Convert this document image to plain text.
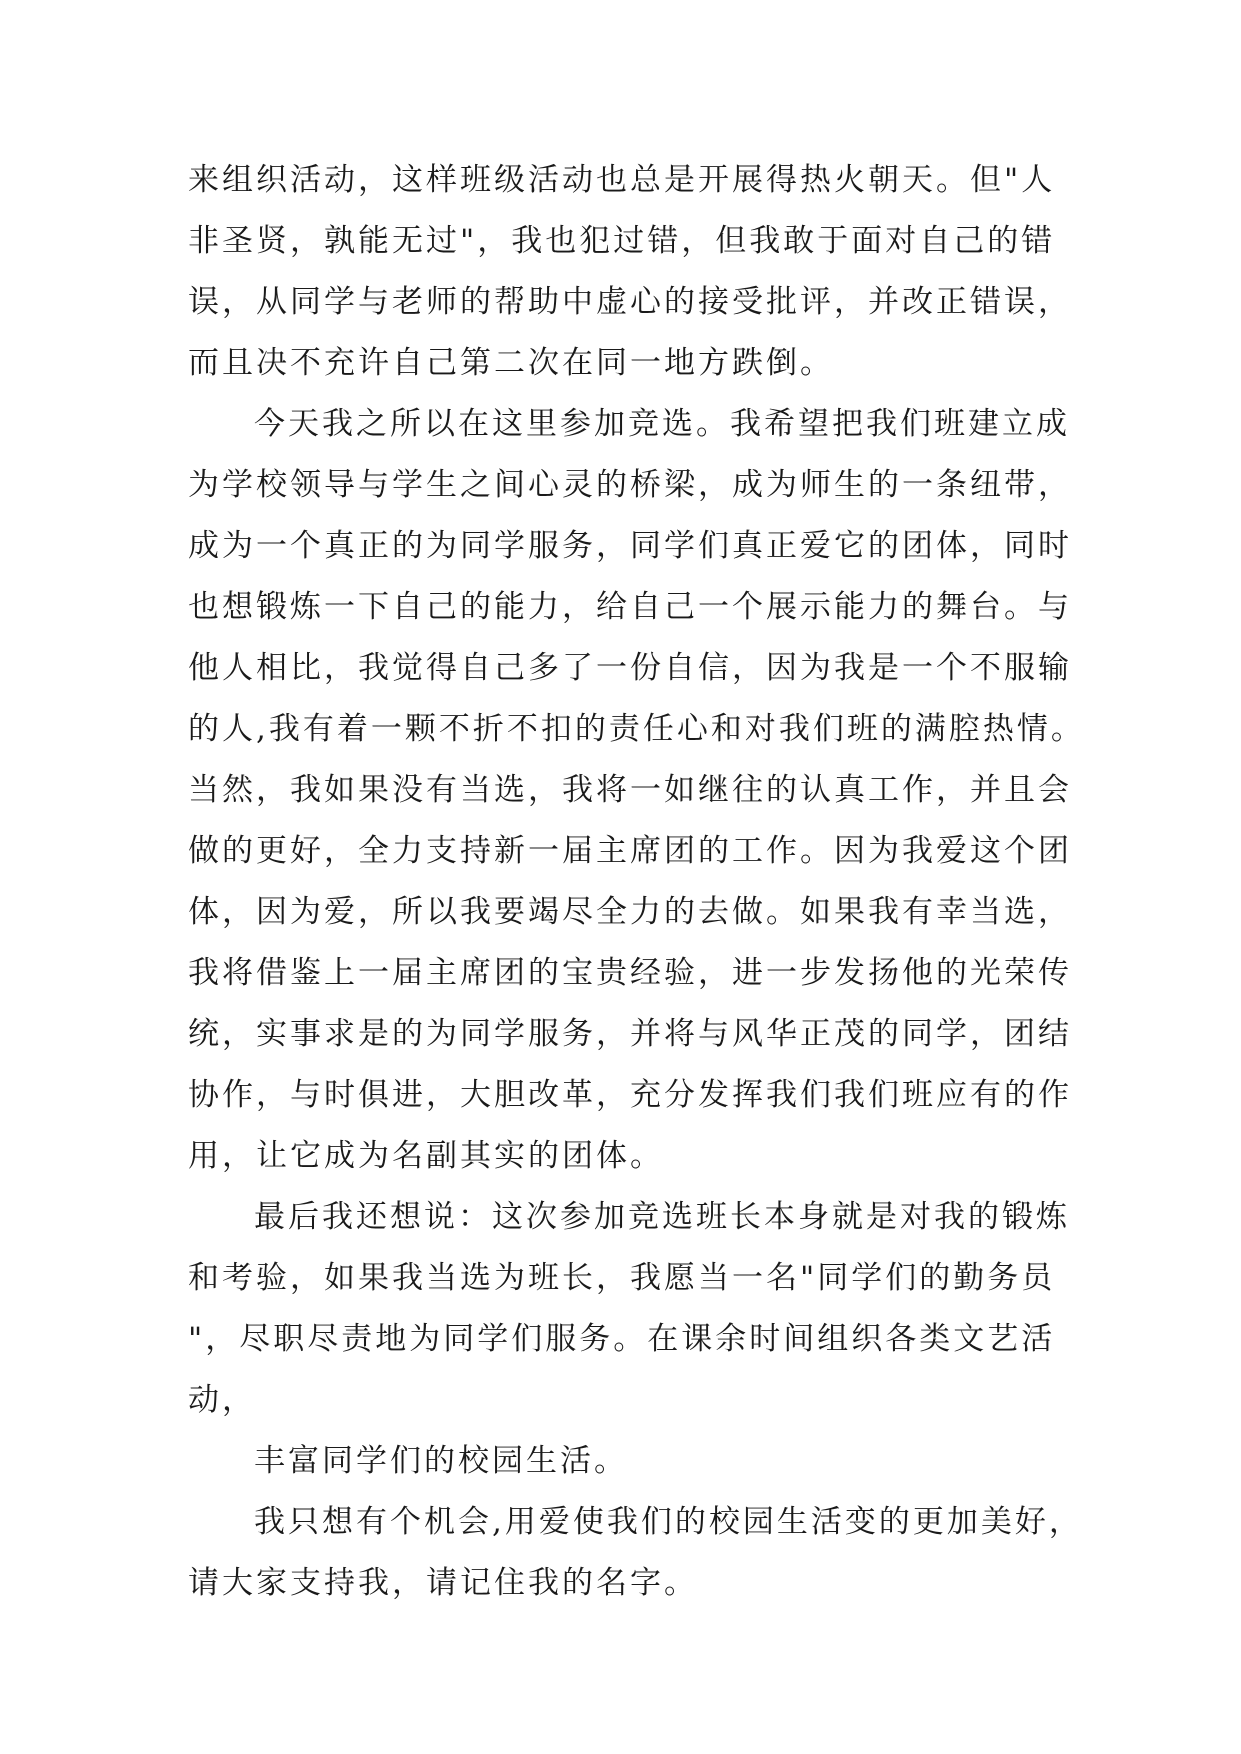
来组织活动，这样班级活动也总是开展得热火朝天。但"人
非圣贤，孰能无过"，我也犯过错，但我敢于面对自己的错
误，从同学与老师的帮助中虚心的接受批评，并改正错误，
而且决不充许自己第二次在同一地方跌倒。
今天我之所以在这里参加竞选。我希望把我们班建立成
为学校领导与学生之间心灵的桥梁，成为师生的一条纽带，
成为一个真正的为同学服务，同学们真正爱它的团体，同时
也想锻炼一下自己的能力，给自己一个展示能力的舞台。与
他人相比，我觉得自己多了一份自信，因为我是一个不服输
的人,我有着一颗不折不扣的责任心和对我们班的满腔热情。
当然，我如果没有当选，我将一如继往的认真工作，并且会
做的更好，全力支持新一届主席团的工作。因为我爱这个团
体，因为爱，所以我要竭尽全力的去做。如果我有幸当选，
我将借鉴上一届主席团的宝贵经验，进一步发扬他的光荣传
统，实事求是的为同学服务，并将与风华正茂的同学，团结
协作，与时俱进，大胆改革，充分发挥我们我们班应有的作
用，让它成为名副其实的团体。
最后我还想说：这次参加竞选班长本身就是对我的锻炼
和考验，如果我当选为班长，我愿当一名"同学们的勤务员
"，尽职尽责地为同学们服务。在课余时间组织各类文艺活
动，
丰富同学们的校园生活。
我只想有个机会,用爱使我们的校园生活变的更加美好，
请大家支持我，请记住我的名字。
